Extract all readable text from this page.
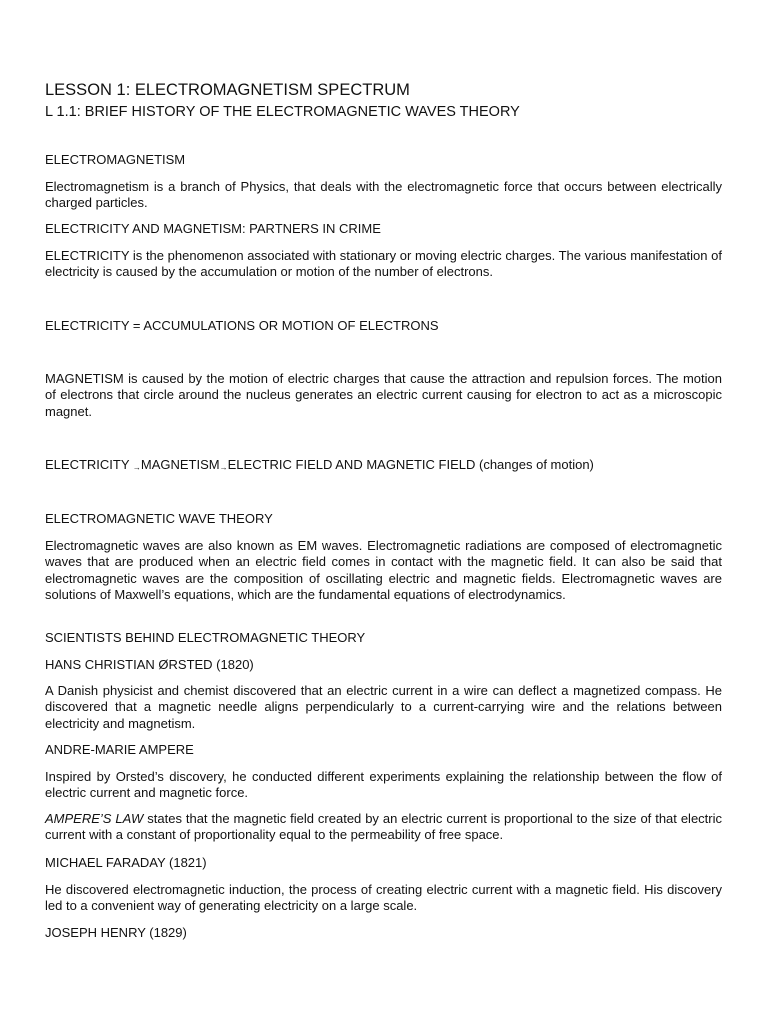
LESSON 1: ELECTROMAGNETISM SPECTRUM
L 1.1: BRIEF HISTORY OF THE ELECTROMAGNETIC WAVES THEORY
ELECTROMAGNETISM

Electromagnetism is a branch of Physics, that deals with the electromagnetic force that occurs between electrically charged particles.

ELECTRICITY AND MAGNETISM: PARTNERS IN CRIME

ELECTRICITY is the phenomenon associated with stationary or moving electric charges. The various manifestation of electricity is caused by the accumulation or motion of the number of electrons.

ELECTRICITY = ACCUMULATIONS OR MOTION OF ELECTRONS

MAGNETISM is caused by the motion of electric charges that cause the attraction and repulsion forces. The motion of electrons that circle around the nucleus generates an electric current causing for electron to act as a microscopic magnet.

ELECTRICITY →MAGNETISM→ELECTRIC FIELD AND MAGNETIC FIELD (changes of motion)
ELECTROMAGNETIC WAVE THEORY

Electromagnetic waves are also known as EM waves. Electromagnetic radiations are composed of electromagnetic waves that are produced when an electric field comes in contact with the magnetic field. It can also be said that electromagnetic waves are the composition of oscillating electric and magnetic fields. Electromagnetic waves are solutions of Maxwell’s equations, which are the fundamental equations of electrodynamics.

SCIENTISTS BEHIND ELECTROMAGNETIC THEORY
HANS CHRISTIAN ØRSTED (1820)

A Danish physicist and chemist discovered that an electric current in a wire can deflect a magnetized compass. He discovered that a magnetic needle aligns perpendicularly to a current-carrying wire and the relations between electricity and magnetism.

ANDRE-MARIE AMPERE

Inspired by Orsted’s discovery, he conducted different experiments explaining the relationship between the flow of electric current and magnetic force.

AMPERE’S LAW states that the magnetic field created by an electric current is proportional to the size of that electric current with a constant of proportionality equal to the permeability of free space.

MICHAEL FARADAY (1821)

He discovered electromagnetic induction, the process of creating electric current with a magnetic field. His discovery led to a convenient way of generating electricity on a large scale.

JOSEPH HENRY (1829)
